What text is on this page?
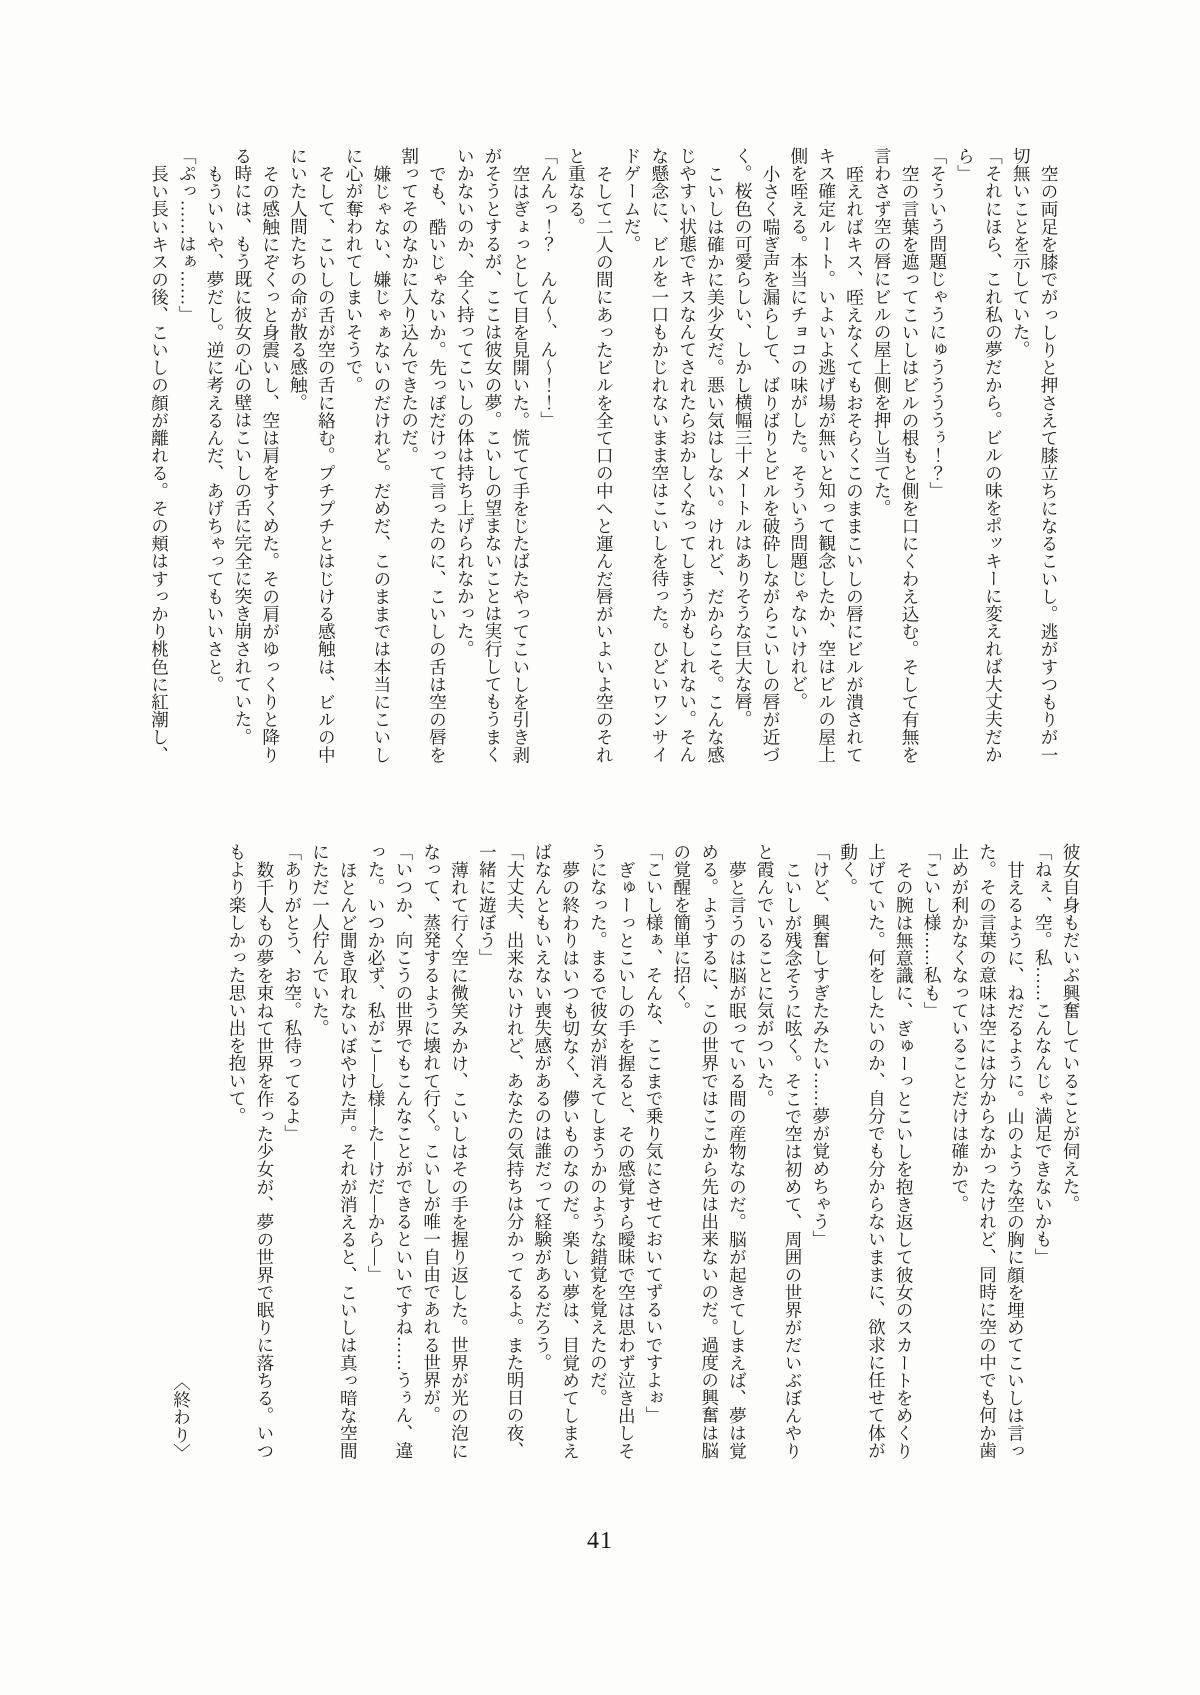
空の両足を膝でがっしりと押さえて膝立ちになるこいし。逃がすつもりが一切無いことを示していた。

「それにほら、これ私の夢だから。ビルの味をポッキーに変えれば大丈夫だから」

「そういう問題じゃうにゅううううぅ！？」

空の言葉を遮ってこいしはビルの根もと側を口にくわえ込む。そして有無を言わさず空の唇にビルの屋上側を押し当てた。

咥えればキス、咥えなくてもおそらくこのままこいしの唇にビルが潰されてキス確定ルート。いよいよ逃げ場が無いと知って観念したか、空はビルの屋上側を咥える。本当にチョコの味がした。そういう問題じゃないけれど。

小さく喘ぎ声を漏らして、ばりばりとビルを破砕しながらこいしの唇が近づく。桜色の可愛らしい、しかし横幅三十メートルはありそうな巨大な唇。

こいしは確かに美少女だ。悪い気はしない。けれど、だからこそ。こんな感じやすい状態でキスなんてされたらおかしくなってしまうかもしれない。そんな懸念に、ビルを一口もかじれないまま空はこいしを待った。ひどいワンサイドゲームだ。

そして二人の間にあったビルを全て口の中へと運んだ唇がいよいよ空のそれと重なる。

「んんっ！？　んん〜、ん〜！！」

空はぎょっとして目を見開いた。慌てて手をじたばたやってこいしを引き剥がそうとするが、ここは彼女の夢。こいしの望まないことは実行してもうまくいかないのか、全く持ってこいしの体は持ち上げられなかった。

でも、酷いじゃないか。先っぽだけって言ったのに、こいしの舌は空の唇を割ってそのなかに入り込んできたのだ。

嫌じゃない、嫌じゃぁないのだけれど。だめだ、このままでは本当にこいしに心が奪われてしまいそうで。

そして、こいしの舌が空の舌に絡む。プチプチとはじける感触は、ビルの中にいた人間たちの命が散る感触。

その感触にぞくっと身震いし、空は肩をすくめた。その肩がゆっくりと降りる時には、もう既に彼女の心の壁はこいしの舌に完全に突き崩されていた。

もういいや、夢だし。逆に考えるんだ、あげちゃってもいいさと。

「ぷっ……はぁ……」

長い長いキスの後、こいしの顔が離れる。その頬はすっかり桃色に紅潮し、

彼女自身もだいぶ興奮していることが伺えた。

「ねぇ、空。私……こんなんじゃ満足できないかも」

甘えるように、ねだるように。山のような空の胸に顔を埋めてこいしは言った。その言葉の意味は空には分からなかったけれど、同時に空の中でも何か歯止めが利かなくなっていることだけは確かで。

「こいし様……私も」

その腕は無意識に、ぎゅーっとこいしを抱き返して彼女のスカートをめくり上げていた。何をしたいのか、自分でも分からないままに、欲求に任せて体が動く。

「けど、興奮しすぎたみたい……夢が覚めちゃう」

こいしが残念そうに呟く。そこで空は初めて、周囲の世界がだいぶぼんやりと霞んでいることに気がついた。

夢と言うのは脳が眠っている間の産物なのだ。脳が起きてしまえば、夢は覚める。ようするに、この世界ではここから先は出来ないのだ。過度の興奮は脳の覚醒を簡単に招く。

「こいし様ぁ、そんな、ここまで乗り気にさせておいてずるいですよぉ」

ぎゅーっとこいしの手を握ると、その感覚すら曖昧で空は思わず泣き出しそうになった。まるで彼女が消えてしまうかのような錯覚を覚えたのだ。

夢の終わりはいつも切なく、儚いものなのだ。楽しい夢は、目覚めてしまえばなんともいえない喪失感があるのは誰だって経験があるだろう。

「大丈夫、出来ないけれど、あなたの気持ちは分かってるよ。また明日の夜、一緒に遊ぼう」

薄れて行く空に微笑みかけ、こいしはその手を握り返した。世界が光の泡になって、蒸発するように壊れて行く。こいしが唯一自由であれる世界が。

「いつか、向こうの世界でもこんなことができるといいですね……うぅん、違った。いつか必ず、私がこ―し様―た―けだ―から―」

ほとんど聞き取れないぼやけた声。それが消えると、こいしは真っ暗な空間にただ一人佇んでいた。

「ありがとう、お空。私待ってるよ」

数千人もの夢を束ねて世界を作った少女が、夢の世界で眠りに落ちる。いつもより楽しかった思い出を抱いて。

〈終わり〉

41
